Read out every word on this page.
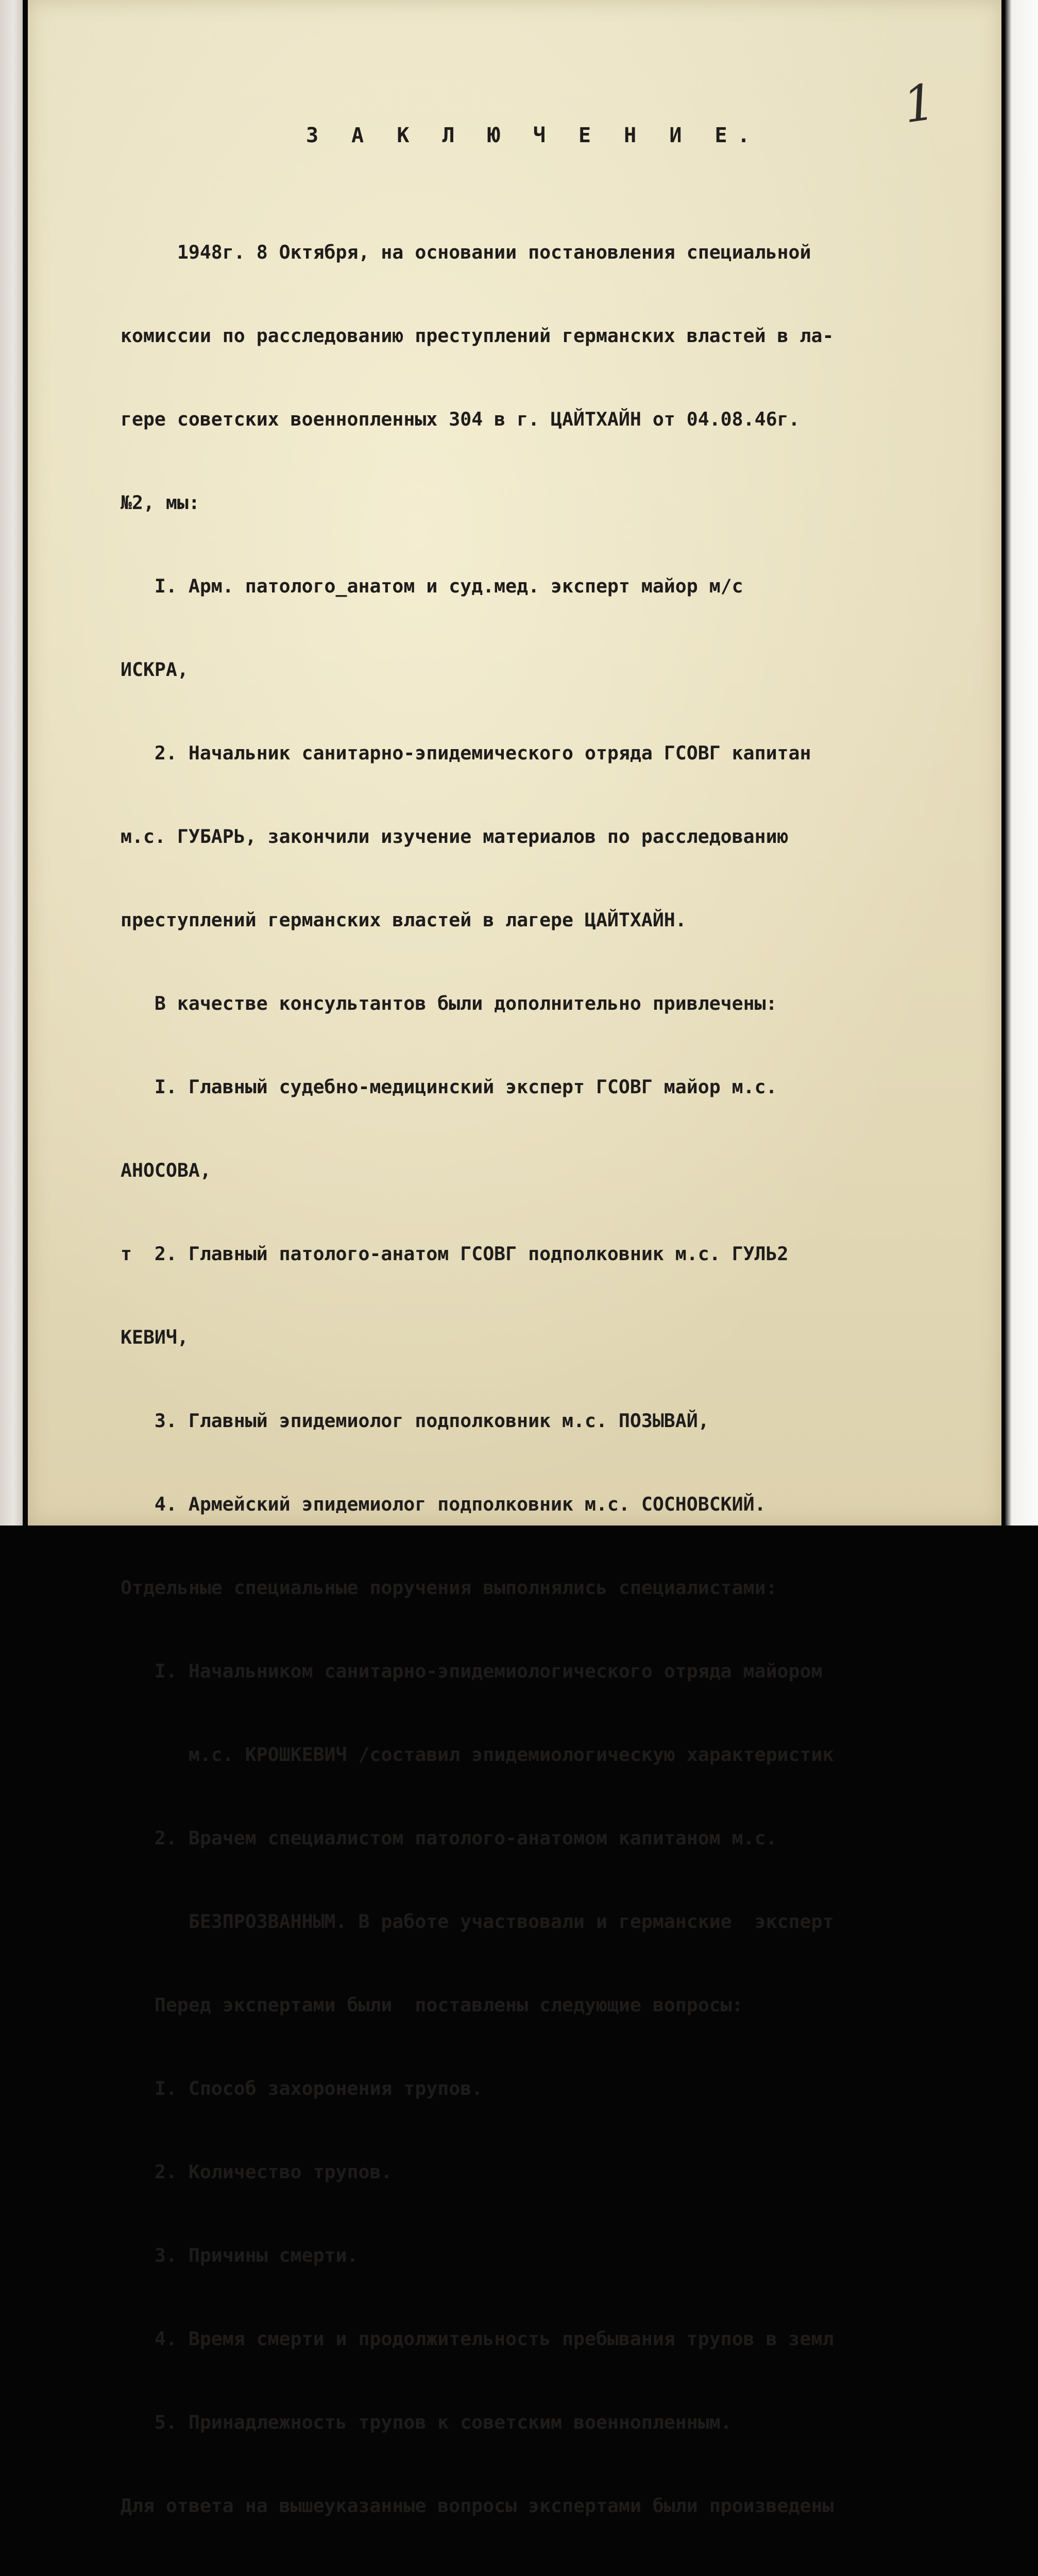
1
З А К Л Ю Ч Е Н И Е.

1948г. 8 Октября, на основании постановления специальной

комиссии по расследованию преступлений германских властей в ла-

гере советских военнопленных 304 в г. ЦАЙТХАЙН от 04.08.46г.

№2, мы:

I. Арм. патолого_анатом и суд.мед. эксперт майор м/с

ИСКРА,

2. Начальник санитарно-эпидемического отряда ГСОВГ капитан

м.с. ГУБАРЬ, закончили изучение материалов по расследованию

преступлений германских властей в лагере ЦАЙТХАЙН.

В качестве консультантов были дополнительно привлечены:

I. Главный судебно-медицинский эксперт ГСОВГ майор м.с.

АНОСОВА,

т  2. Главный патолого-анатом ГСОВГ подполковник м.с. ГУЛЬ2

КЕВИЧ,

3. Главный эпидемиолог подполковник м.с. ПОЗЫВАЙ,

4. Армейский эпидемиолог подполковник м.с. СОСНОВСКИЙ.

Отдельные специальные поручения выполнялись специалистами:

I. Начальником санитарно-эпидемиологического отряда майором

м.с. КРОШКЕВИЧ /составил эпидемиологическую характеристик

2. Врачем специалистом патолого-анатомом капитаном м.с.

БЕЗПРОЗВАННЫМ. В работе участвовали и германские  эксперт

Перед экспертами были  поставлены следующие вопросы:

I. Способ захоронения трупов.

2. Количество трупов.

3. Причины смерти.

4. Время смерти и продолжительность пребывания трупов в земл

5. Принадлежность трупов к советским военнопленным.

Для ответа на вышеуказанные вопросы экспертами были произведены
